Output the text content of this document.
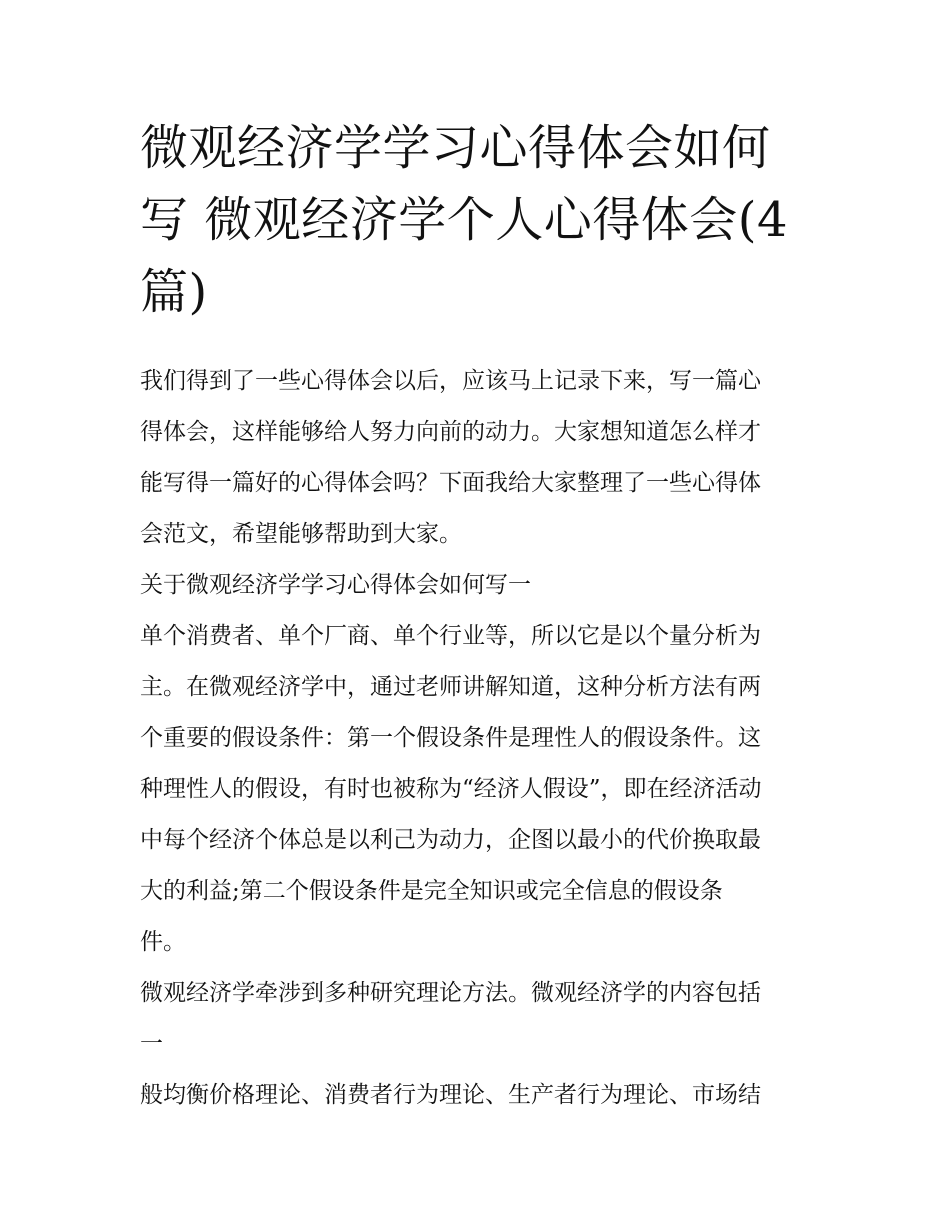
微观经济学学习心得体会如何
写 微观经济学个人心得体会(4
篇)
我们得到了一些心得体会以后，应该马上记录下来，写一篇心
得体会，这样能够给人努力向前的动力。大家想知道怎么样才
能写得一篇好的心得体会吗？下面我给大家整理了一些心得体
会范文，希望能够帮助到大家。
关于微观经济学学习心得体会如何写一
单个消费者、单个厂商、单个行业等，所以它是以个量分析为
主。在微观经济学中，通过老师讲解知道，这种分析方法有两
个重要的假设条件：第一个假设条件是理性人的假设条件。这
种理性人的假设，有时也被称为“经济人假设”，即在经济活动
中每个经济个体总是以利己为动力，企图以最小的代价换取最
大的利益;第二个假设条件是完全知识或完全信息的假设条
件。
微观经济学牵涉到多种研究理论方法。微观经济学的内容包括
一
般均衡价格理论、消费者行为理论、生产者行为理论、市场结
